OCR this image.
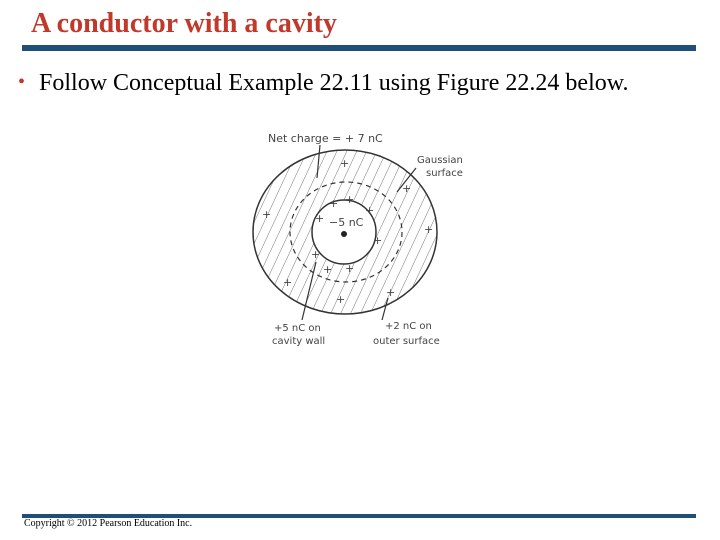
A conductor with a cavity
• Follow Conceptual Example 22.11 using Figure 22.24 below.
+
+ +
+
+
+
+ +
+
+
+
+
+
+
+
Net charge = + 7 nC
Gaussian
surface
−5 nC
+5 nC on
cavity wall
+2 nC on
outer surface
Copyright © 2012 Pearson Education Inc.
